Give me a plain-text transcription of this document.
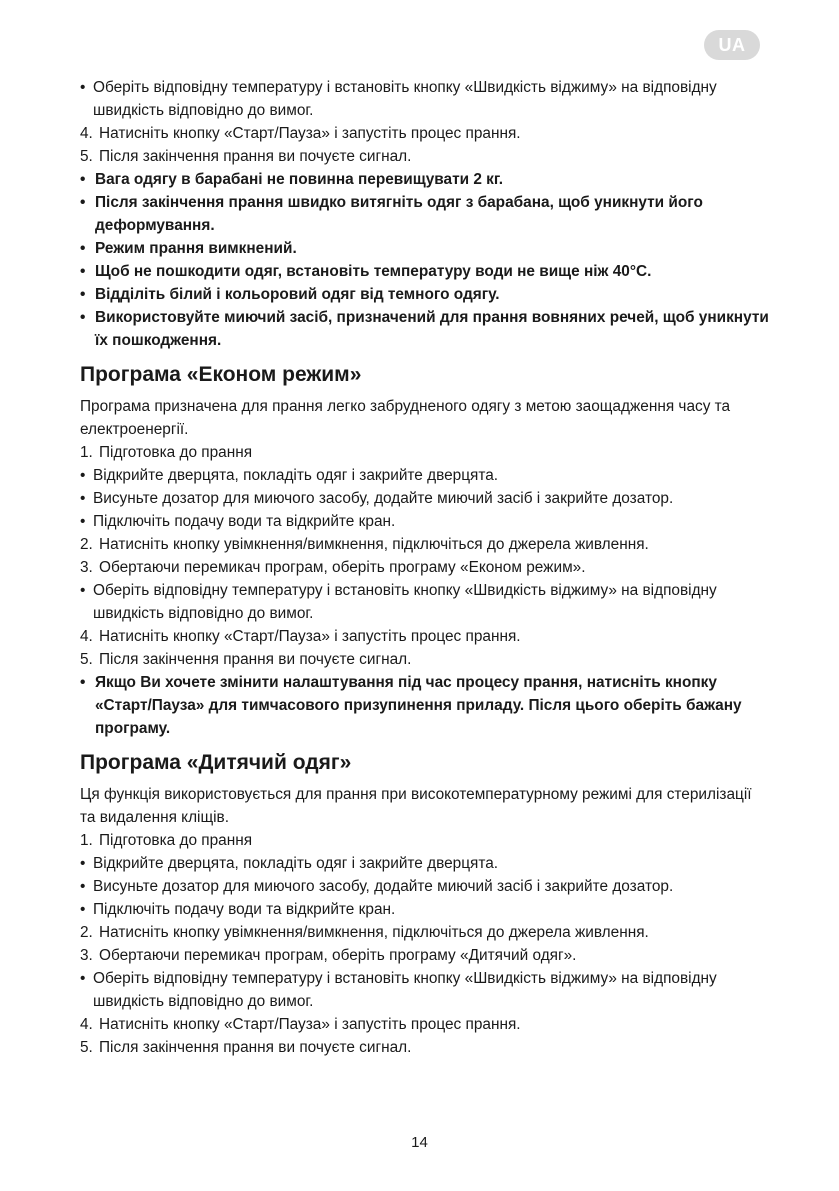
UA
• Оберіть відповідну температуру і встановіть кнопку «Швидкість віджиму» на відповідну швидкість відповідно до вимог.
4. Натисніть кнопку «Старт/Пауза» і запустіть процес прання.
5. Після закінчення прання ви почуєте сигнал.
• Вага одягу в барабані не повинна перевищувати 2 кг.
• Після закінчення прання швидко витягніть одяг з барабана, щоб уникнути його деформування.
• Режим прання вимкнений.
• Щоб не пошкодити одяг, встановіть температуру води не вище ніж 40°С.
• Відділіть білий і кольоровий одяг від темного одягу.
• Використовуйте миючий засіб, призначений для прання вовняних речей, щоб уникнути їх пошкодження.
Програма «Економ режим»
Програма призначена для прання легко забрудненого одягу з метою заощадження часу та електроенергії.
1. Підготовка до прання
• Відкрийте дверцята, покладіть одяг і закрийте дверцята.
• Висуньте дозатор для миючого засобу, додайте миючий засіб і закрийте дозатор.
• Підключіть подачу води та відкрийте кран.
2. Натисніть кнопку увімкнення/вимкнення, підключіться до джерела живлення.
3. Обертаючи перемикач програм, оберіть програму «Економ режим».
• Оберіть відповідну температуру і встановіть кнопку «Швидкість віджиму» на відповідну швидкість відповідно до вимог.
4. Натисніть кнопку «Старт/Пауза» і запустіть процес прання.
5. Після закінчення прання ви почуєте сигнал.
• Якщо Ви хочете змінити налаштування під час процесу прання, натисніть кнопку «Старт/Пауза» для тимчасового призупинення приладу. Після цього оберіть бажану програму.
Програма «Дитячий одяг»
Ця функція використовується для прання при високотемпературному режимі для стерилізації та видалення кліщів.
1. Підготовка до прання
• Відкрийте дверцята, покладіть одяг і закрийте дверцята.
• Висуньте дозатор для миючого засобу, додайте миючий засіб і закрийте дозатор.
• Підключіть подачу води та відкрийте кран.
2. Натисніть кнопку увімкнення/вимкнення, підключіться до джерела живлення.
3. Обертаючи перемикач програм, оберіть програму «Дитячий одяг».
• Оберіть відповідну температуру і встановіть кнопку «Швидкість віджиму» на відповідну швидкість відповідно до вимог.
4. Натисніть кнопку «Старт/Пауза» і запустіть процес прання.
5. Після закінчення прання ви почуєте сигнал.
14
